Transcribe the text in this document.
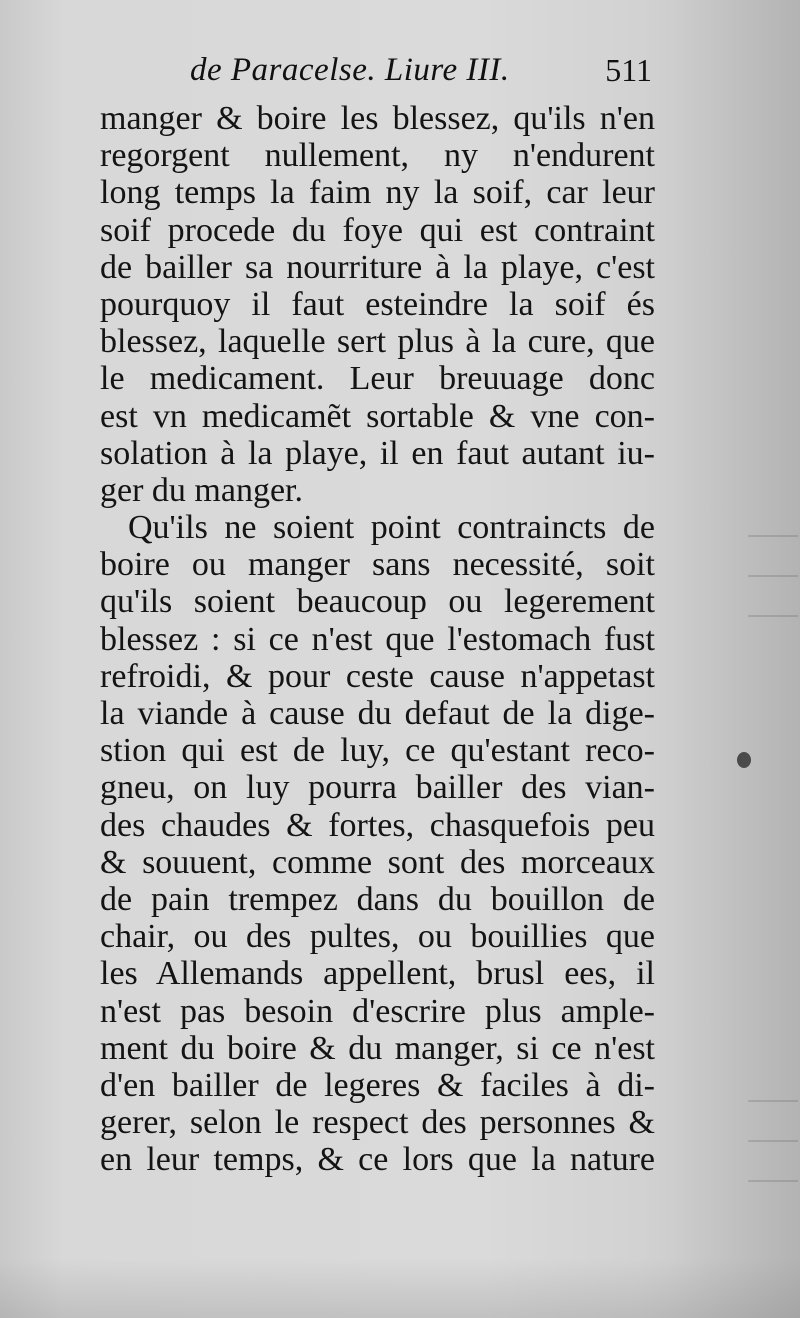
de Paracelse. Liure III.	511
manger & boire les blessez, qu'ils n'en
regorgent nullement, ny n'endurent
long temps la faim ny la soif, car leur
soif procede du foye qui est contraint
de bailler sa nourriture à la playe, c'est
pourquoy il faut esteindre la soif és
blessez, laquelle sert plus à la cure, que
le medicament. Leur breuuage donc
est vn medicamẽt sortable & vne con-
solation à la playe, il en faut autant iu-
ger du manger.
Qu'ils ne soient point contraincts de
boire ou manger sans necessité, soit
qu'ils soient beaucoup ou legerement
blessez : si ce n'est que l'estomach fust
refroidi, & pour ceste cause n'appetast
la viande à cause du defaut de la dige-
stion qui est de luy, ce qu'estant reco-
gneu, on luy pourra bailler des vian-
des chaudes & fortes, chasquefois peu
& souuent, comme sont des morceaux
de pain trempez dans du bouillon de
chair, ou des pultes, ou bouillies que
les Allemands appellent, brusl ees, il
n'est pas besoin d'escrire plus ample-
ment du boire & du manger, si ce n'est
d'en bailler de legeres & faciles à di-
gerer, selon le respect des personnes &
en leur temps, & ce lors que la nature
